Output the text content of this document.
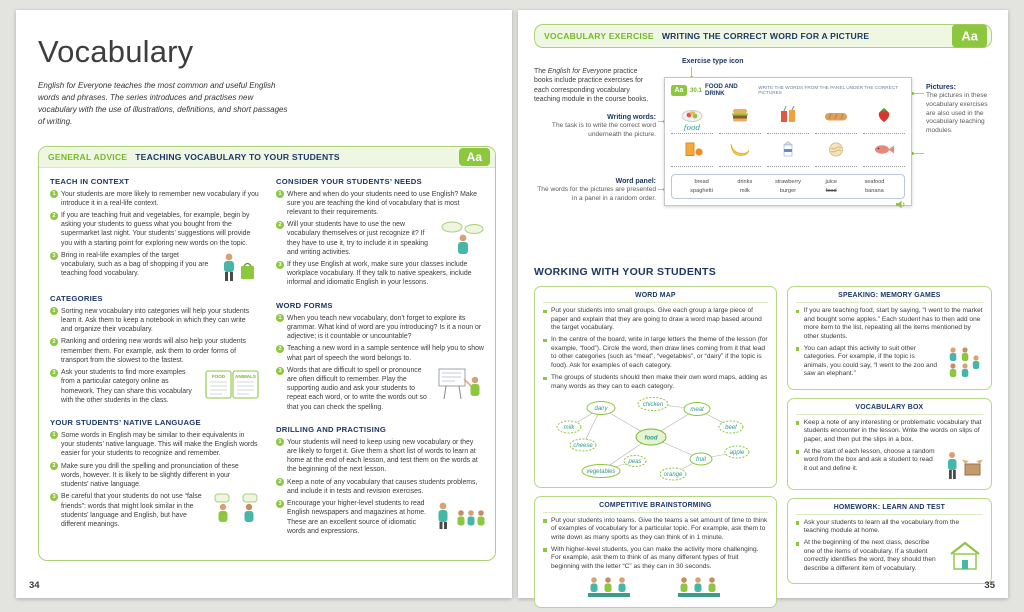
Vocabulary

English for Everyone teaches the most common and useful English words and phrases. The series introduces and practises new vocabulary with the use of illustrations, definitions, and short passages of writing.

GENERAL ADVICE TEACHING VOCABULARY TO YOUR STUDENTS	Aa
TEACH IN CONTEXT

1 Your students are more likely to remember new vocabulary if you introduce it in a real-life context.

2 If you are teaching fruit and vegetables, for example, begin by asking your students to guess what you bought from the supermarket last night. Your students’ suggestions will provide you with a starting point for exploring new words on the topic.

3 Bring in real-life examples of the target vocabulary, such as a bag of shopping if you are teaching food vocabulary.

CATEGORIES

1 Sorting new vocabulary into categories will help your students learn it. Ask them to keep a notebook in which they can write and organize their vocabulary.

2 Ranking and ordering new words will also help your students remember them. For example, ask them to order forms of transport from the slowest to the fastest.

FOOD ANIMALS

3 Ask your students to find more examples from a particular category online as homework. They can share this vocabulary with the other students in the class.

YOUR STUDENTS’ NATIVE LANGUAGE

1 Some words in English may be similar to their equivalents in your students’ native language. This will make the English words easier for your students to recognize and remember.

2 Make sure you drill the spelling and pronunciation of these words, however. It is likely to be slightly different in your students’ native language.

3 Be careful that your students do not use “false friends”: words that might look similar in the students’ language and English, but have different meanings.

CONSIDER YOUR STUDENTS’ NEEDS

1 Where and when do your students need to use English? Make sure you are teaching the kind of vocabulary that is most relevant to their requirements.

2 Will your students have to use the new vocabulary themselves or just recognize it? If they have to use it, try to include it in speaking and writing activities.

3 If they use English at work, make sure your classes include workplace vocabulary. If they talk to native speakers, include informal and idiomatic English in your lessons.

WORD FORMS

1 When you teach new vocabulary, don’t forget to explore its grammar. What kind of word are you introducing? Is it a noun or adjective; is it countable or uncountable?

2 Teaching a new word in a sample sentence will help you to show what part of speech the word belongs to.

3 Words that are difficult to spell or pronounce are often difficult to remember. Play the supporting audio and ask your students to repeat each word, or to write the words out so that you can check the spelling.

DRILLING AND PRACTISING

1 Your students will need to keep using new vocabulary or they are likely to forget it. Give them a short list of words to learn at home at the end of each lesson, and test them on the words at the beginning of the next lesson.

2 Keep a note of any vocabulary that causes students problems, and include it in tests and revision exercises.

3 Encourage your higher-level students to read English newspapers and magazines at home. These are an excellent source of idiomatic words and expressions.

34
VOCABULARY EXERCISE WRITING THE CORRECT WORD FOR A PICTURE	Aa

The English for Everyone practice books include practice exercises for each corresponding vocabulary teaching module in the course books.

Exercise type icon
Writing words:
The task is to write the correct word underneath the picture.
Word panel:
The words for the pictures are presented in a panel in a random order.
Pictures:
The pictures in these vocabulary exercises are also used in the vocabulary teaching modules.
Aa	30.1 FOOD AND DRINK
WRITE THE WORDS FROM THE PANEL UNDER THE CORRECT PICTURES
food
bread	drinks	strawberry	juice	seafood
spaghetti	milk	burger	food	banana
WORKING WITH YOUR STUDENTS
WORD MAP

Put your students into small groups. Give each group a large piece of paper and explain that they are going to draw a word map based around the target vocabulary.

In the centre of the board, write in large letters the theme of the lesson (for example, “food”). Circle the word, then draw lines coming from it that lead to other categories (such as “meat”, “vegetables”, or “dairy” if the topic is food). Ask for examples of each category.

The groups of students should then make their own word maps, adding as many words as they can to each category.

dairy
chicken
meat
milk
food
beef
cheese
peas
vegetables	orange
fruit
apple
COMPETITIVE BRAINSTORMING

Put your students into teams. Give the teams a set amount of time to think of examples of vocabulary for a particular topic. For example, ask them to write down as many sports as they can think of in 1 minute.

With higher-level students, you can make the activity more challenging. For example, ask them to think of as many different types of fruit beginning with the letter “C” as they can in 30 seconds.

SPEAKING: MEMORY GAMES

If you are teaching food, start by saying, “I went to the market and bought some apples.” Each student has to then add one more item to the list, repeating all the items mentioned by other students.

You can adapt this activity to suit other categories. For example, if the topic is animals, you could say, “I went to the zoo and saw an elephant.”

VOCABULARY BOX

Keep a note of any interesting or problematic vocabulary that students encounter in the lesson. Write the words on slips of paper, and then put the slips in a box.

At the start of each lesson, choose a random word from the box and ask a student to read it out and define it.

HOMEWORK: LEARN AND TEST

Ask your students to learn all the vocabulary from the teaching module at home.

At the beginning of the next class, describe one of the items of vocabulary. If a student correctly identifies the word, they should then describe a different item of vocabulary.

35
